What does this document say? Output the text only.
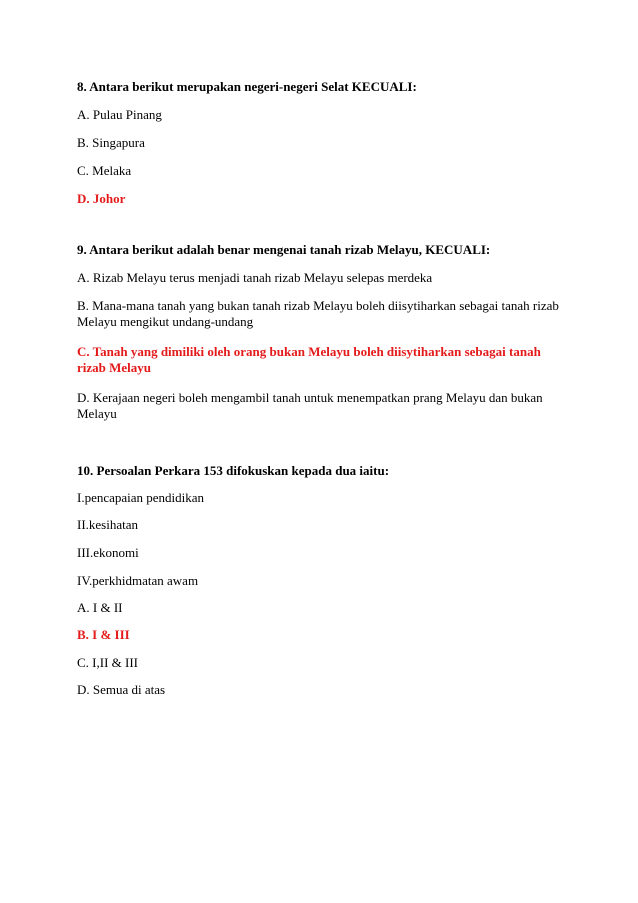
8. Antara berikut merupakan negeri-negeri Selat KECUALI:
A. Pulau Pinang
B. Singapura
C. Melaka
D. Johor
9. Antara berikut adalah benar mengenai tanah rizab Melayu, KECUALI:
A. Rizab Melayu terus menjadi tanah rizab Melayu selepas merdeka
B. Mana-mana tanah yang bukan tanah rizab Melayu boleh diisytiharkan sebagai tanah rizab Melayu mengikut undang-undang
C. Tanah yang dimiliki oleh orang bukan Melayu boleh diisytiharkan sebagai tanah rizab Melayu
D. Kerajaan negeri boleh mengambil tanah untuk menempatkan prang Melayu dan bukan Melayu
10. Persoalan Perkara 153 difokuskan kepada dua iaitu:
I.pencapaian pendidikan
II.kesihatan
III.ekonomi
IV.perkhidmatan awam
A. I & II
B. I & III
C. I,II & III
D. Semua di atas
